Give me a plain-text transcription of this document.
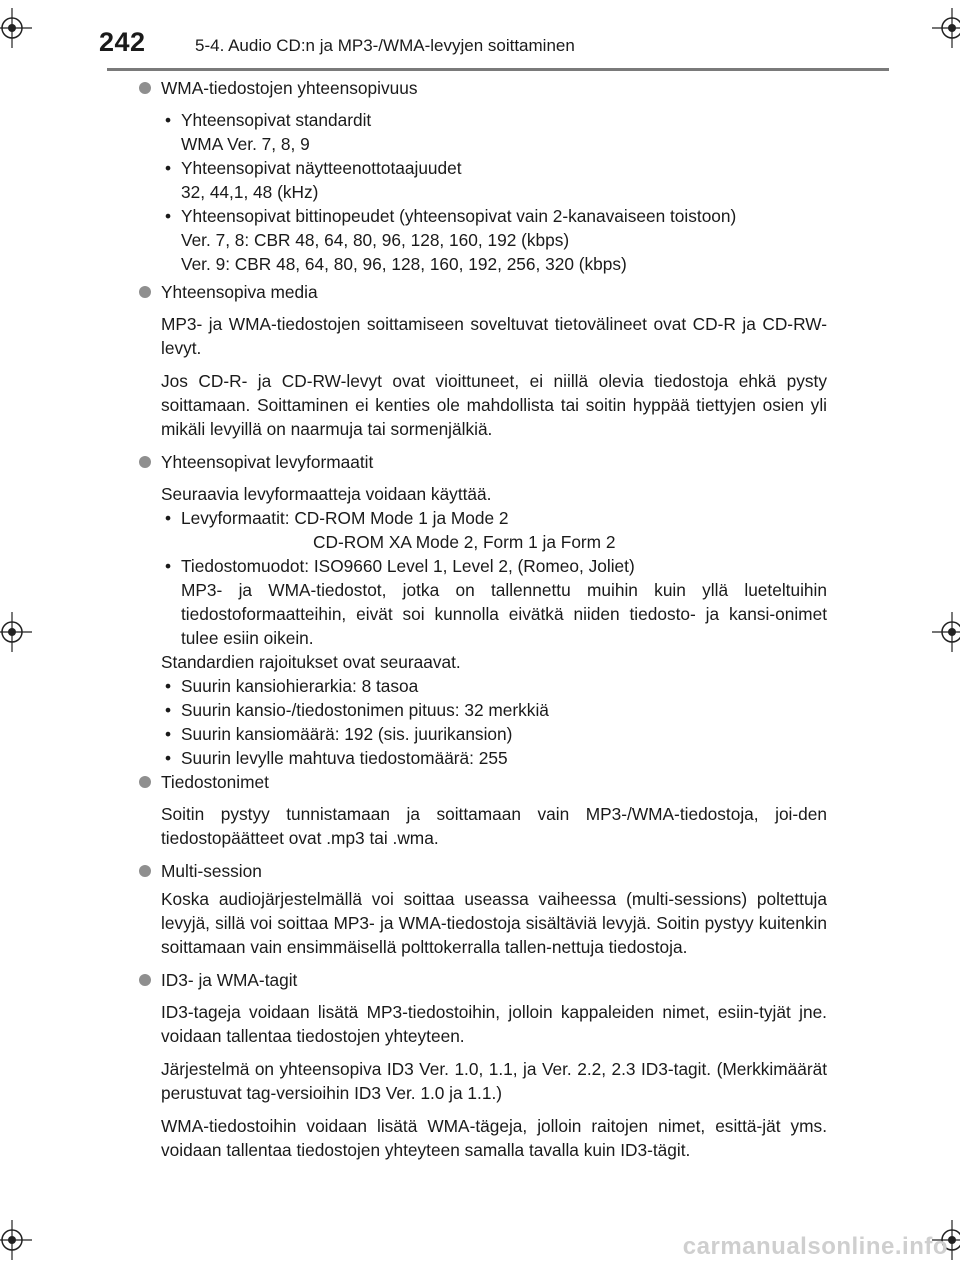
242	5-4. Audio CD:n ja MP3-/WMA-levyjen soittaminen

WMA-tiedostojen yhteensopivuus

• Yhteensopivat standardit
WMA Ver. 7, 8, 9
• Yhteensopivat näytteenottotaajuudet
32, 44,1, 48 (kHz)
• Yhteensopivat bittinopeudet (yhteensopivat vain 2-kanavaiseen toistoon)
Ver. 7, 8: CBR 48, 64, 80, 96, 128, 160, 192 (kbps)
Ver. 9: CBR 48, 64, 80, 96, 128, 160, 192, 256, 320 (kbps)

Yhteensopiva media

MP3- ja WMA-tiedostojen soittamiseen soveltuvat tietovälineet ovat CD-R ja CD-RW-levyt.

Jos CD-R- ja CD-RW-levyt ovat vioittuneet, ei niillä olevia tiedostoja ehkä pysty soittamaan. Soittaminen ei kenties ole mahdollista tai soitin hyppää tiettyjen osien yli mikäli levyillä on naarmuja tai sormenjälkiä.

Yhteensopivat levyformaatit

Seuraavia levyformaatteja voidaan käyttää.

• Levyformaatit: CD-ROM Mode 1 ja Mode 2
CD-ROM XA Mode 2, Form 1 ja Form 2
• Tiedostomuodot: ISO9660 Level 1, Level 2, (Romeo, Joliet)
MP3- ja WMA-tiedostot, jotka on tallennettu muihin kuin yllä lueteltuihin tiedostoformaatteihin, eivät soi kunnolla eivätkä niiden tiedosto- ja kansi-onimet tulee esiin oikein.

Standardien rajoitukset ovat seuraavat.

• Suurin kansiohierarkia: 8 tasoa
• Suurin kansio-/tiedostonimen pituus: 32 merkkiä
• Suurin kansiomäärä: 192 (sis. juurikansion)
• Suurin levylle mahtuva tiedostomäärä: 255

Tiedostonimet

Soitin pystyy tunnistamaan ja soittamaan vain MP3-/WMA-tiedostoja, joi-den tiedostopäätteet ovat .mp3 tai .wma.

Multi-session

Koska audiojärjestelmällä voi soittaa useassa vaiheessa (multi-sessions) poltettuja levyjä, sillä voi soittaa MP3- ja WMA-tiedostoja sisältäviä levyjä. Soitin pystyy kuitenkin soittamaan vain ensimmäisellä polttokerralla tallen-nettuja tiedostoja.

ID3- ja WMA-tagit

ID3-tageja voidaan lisätä MP3-tiedostoihin, jolloin kappaleiden nimet, esiin-tyjät jne. voidaan tallentaa tiedostojen yhteyteen.

Järjestelmä on yhteensopiva ID3 Ver. 1.0, 1.1, ja Ver. 2.2, 2.3 ID3-tagit. (Merkkimäärät perustuvat tag-versioihin ID3 Ver. 1.0 ja 1.1.)

WMA-tiedostoihin voidaan lisätä WMA-tägeja, jolloin raitojen nimet, esittä-jät yms. voidaan tallentaa tiedostojen yhteyteen samalla tavalla kuin ID3-tägit.

carmanualsonline.info
